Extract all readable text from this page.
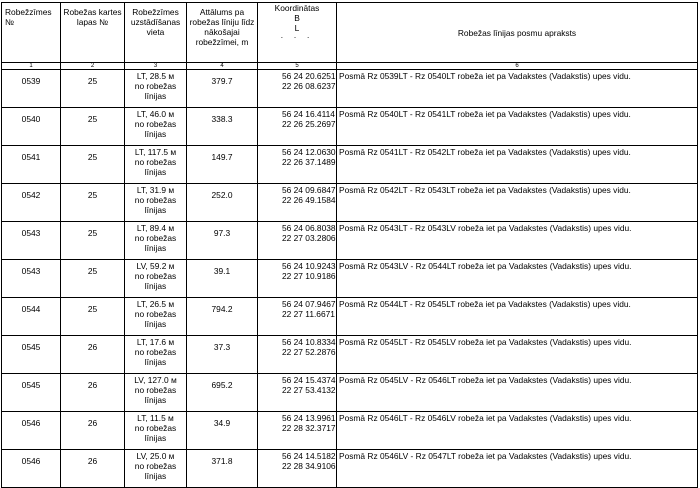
Robežzīmes №	Robežas kartes lapas №	Robežzīmes uzstādīšanas vieta	Attālums pa robežas līniju līdz nākošajai robežzīmei, m	Koordinātas
B
L
· · ·	Robežas līnijas posmu apraksts
1	2	3	4	5	6
0539	25	LT, 28.5 м
no robežas
līnijas	379.7	56 24 20.6251
22 26 08.6237	Posmā Rz 0539LT - Rz 0540LT robeža iet pa Vadakstes (Vadakstis) upes vidu.
0540	25	LT, 46.0 м
no robežas
līnijas	338.3	56 24 16.4114
22 26 25.2697	Posmā Rz 0540LT - Rz 0541LT robeža iet pa Vadakstes (Vadakstis) upes vidu.
0541	25	LT, 117.5 м
no robežas
līnijas	149.7	56 24 12.0630
22 26 37.1489	Posmā Rz 0541LT - Rz 0542LT robeža iet pa Vadakstes (Vadakstis) upes vidu.
0542	25	LT, 31.9 м
no robežas
līnijas	252.0	56 24 09.6847
22 26 49.1584	Posmā Rz 0542LT - Rz 0543LT robeža iet pa Vadakstes (Vadakstis) upes vidu.
0543	25	LT, 89.4 м
no robežas
līnijas	97.3	56 24 06.8038
22 27 03.2806	Posmā Rz 0543LT - Rz 0543LV robeža iet pa Vadakstes (Vadakstis) upes vidu.
0543	25	LV, 59.2 м
no robežas
līnijas	39.1	56 24 10.9243
22 27 10.9186	Posmā Rz 0543LV - Rz 0544LT robeža iet pa Vadakstes (Vadakstis) upes vidu.
0544	25	LT, 26.5 м
no robežas
līnijas	794.2	56 24 07.9467
22 27 11.6671	Posmā Rz 0544LT - Rz 0545LT robeža iet pa Vadakstes (Vadakstis) upes vidu.
0545	26	LT, 17.6 м
no robežas
līnijas	37.3	56 24 10.8334
22 27 52.2876	Posmā Rz 0545LT - Rz 0545LV robeža iet pa Vadakstes (Vadakstis) upes vidu.
0545	26	LV, 127.0 м
no robežas
līnijas	695.2	56 24 15.4374
22 27 53.4132	Posmā Rz 0545LV - Rz 0546LT robeža iet pa Vadakstes (Vadakstis) upes vidu.
0546	26	LT, 11.5 м
no robežas
līnijas	34.9	56 24 13.9961
22 28 32.3717	Posmā Rz 0546LT - Rz 0546LV robeža iet pa Vadakstes (Vadakstis) upes vidu.
0546	26	LV, 25.0 м
no robežas
līnijas	371.8	56 24 14.5182
22 28 34.9106	Posmā Rz 0546LV - Rz 0547LT robeža iet pa Vadakstes (Vadakstis) upes vidu.
